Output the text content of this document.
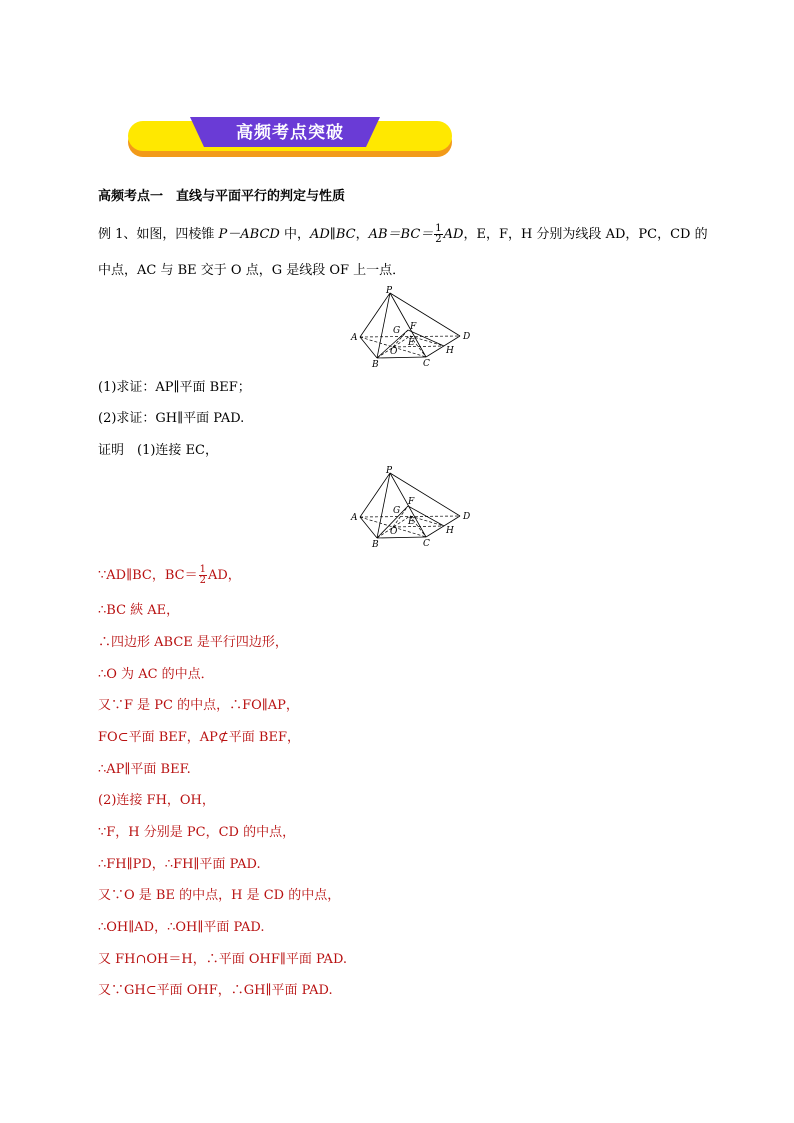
高频考点突破
高频考点一　直线与平面平行的判定与性质
例 1、如图，四棱锥 P－ABCD 中，AD∥BC，$AB=BC= \frac{1}{2}$ AD，E，F，H 分别为线段 AD，PC，CD 的
中点，AC 与 BE 交于 O 点，G 是线段 OF 上一点．
P
A
B	C
D
E
F
G
H
O
(1)求证：AP∥平面 BEF；
(2)求证：GH∥平面 PAD.
证明　(1)连接 EC，
P
A
B	C
D
E
F
G
H
O
∵AD∥BC，$BC= \frac{1}{2}$ AD，
∴BC 綊 AE，
∴四边形 ABCE 是平行四边形，
∴O 为 AC 的中点．
又∵F 是 PC 的中点，∴FO∥AP，
FO⊂平面 BEF，AP⊄平面 BEF，
∴AP∥平面 BEF.
(2)连接 FH，OH，
∵F，H 分别是 PC，CD 的中点，
∴FH∥PD，∴FH∥平面 PAD.
又∵O 是 BE 的中点，H 是 CD 的中点，
∴OH∥AD，∴OH∥平面 PAD.
又 FH∩OH＝H，∴平面 OHF∥平面 PAD.
又∵GH⊂平面 OHF，∴GH∥平面 PAD.
